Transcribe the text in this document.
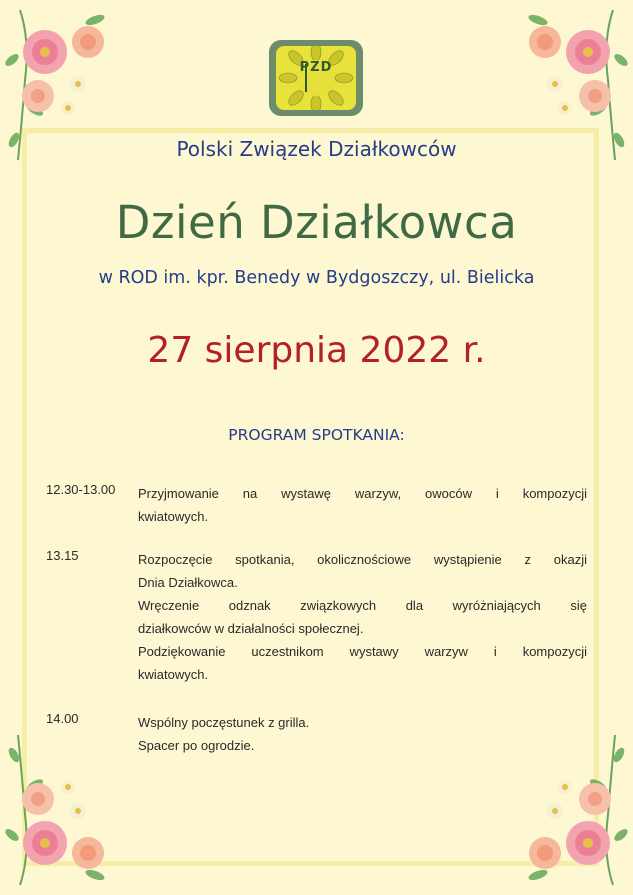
PZD
Polski Związek Działkowców
Dzień Działkowca
w ROD im. kpr. Benedy w Bydgoszczy, ul. Bielicka
27 sierpnia 2022 r.
PROGRAM SPOTKANIA:
12.30-13.00	Przyjmowanie na wystawę warzyw, owoców i kompozycji
kwiatowych.
13.15	Rozpoczęcie spotkania, okolicznościowe wystąpienie z okazji
Dnia Działkowca.
Wręczenie odznak związkowych dla wyróżniających się
działkowców w działalności społecznej.
Podziękowanie uczestnikom wystawy warzyw i kompozycji
kwiatowych.
14.00	Wspólny poczęstunek z grilla.
Spacer po ogrodzie.
